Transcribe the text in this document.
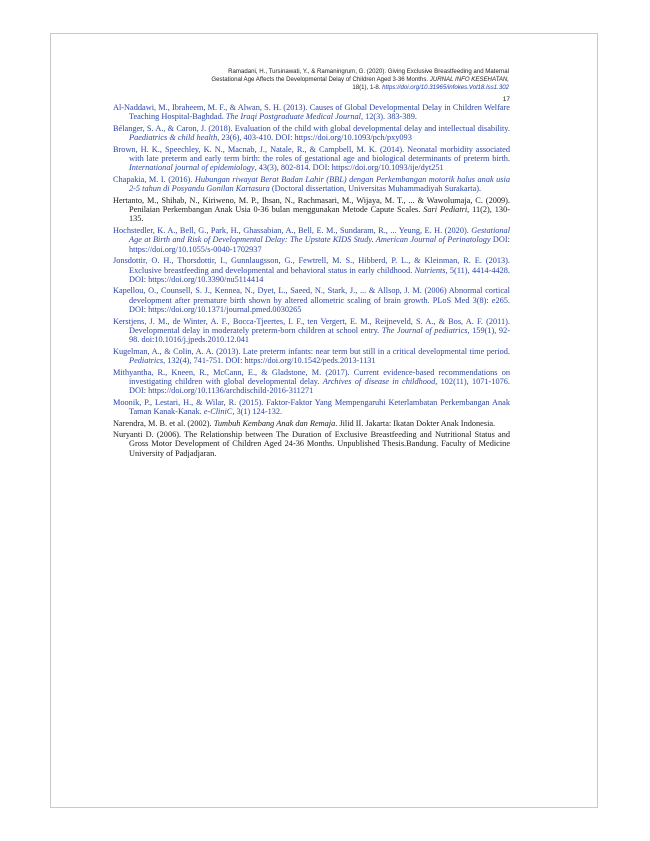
Ramadani, H., Tursinawati, Y., & Ramaningrum, G. (2020). Giving Exclusive Breastfeeding and Maternal
Gestational Age Affects the Developmental Delay of Children Aged 3-36 Months. JURNAL INFO KESEHATAN,
18(1), 1-8. https://doi.org/10.31965/infokes.Vol18.Iss1.302
17

Al-Naddawi, M., Ibraheem, M. F., & Alwan, S. H. (2013). Causes of Global Developmental Delay in Children Welfare Teaching Hospital-Baghdad. The Iraqi Postgraduate Medical Journal, 12(3). 383-389.

Bélanger, S. A., & Caron, J. (2018). Evaluation of the child with global developmental delay and intellectual disability. Paediatrics & child health, 23(6), 403-410. DOI: https://doi.org/10.1093/pch/pxy093

Brown, H. K., Speechley, K. N., Macnab, J., Natale, R., & Campbell, M. K. (2014). Neonatal morbidity associated with late preterm and early term birth: the roles of gestational age and biological determinants of preterm birth. International journal of epidemiology, 43(3), 802-814. DOI: https://doi.org/10.1093/ije/dyt251

Chapakia, M. I. (2016). Hubungan riwayat Berat Badan Lahir (BBL) dengan Perkembangan motorik halus anak usia 2-5 tahun di Posyandu Gonilan Kartasura (Doctoral dissertation, Universitas Muhammadiyah Surakarta).

Hertanto, M., Shihab, N., Kiriweno, M. P., Ihsan, N., Rachmasari, M., Wijaya, M. T., ... & Wawolumaja, C. (2009). Penilaian Perkembangan Anak Usia 0-36 bulan menggunakan Metode Capute Scales. Sari Pediatri, 11(2), 130-135.

Hochstedler, K. A., Bell, G., Park, H., Ghassabian, A., Bell, E. M., Sundaram, R., ... Yeung, E. H. (2020). Gestational Age at Birth and Risk of Developmental Delay: The Upstate KIDS Study. American Journal of Perinatology DOI: https://doi.org/10.1055/s-0040-1702937

Jonsdottir, O. H., Thorsdottir, I., Gunnlaugsson, G., Fewtrell, M. S., Hibberd, P. L., & Kleinman, R. E. (2013). Exclusive breastfeeding and developmental and behavioral status in early childhood. Nutrients, 5(11), 4414-4428. DOI: https://doi.org/10.3390/nu5114414

Kapellou, O., Counsell, S. J., Kennea, N., Dyet, L., Saeed, N., Stark, J., ... & Allsop, J. M. (2006) Abnormal cortical development after premature birth shown by altered allometric scaling of brain growth. PLoS Med 3(8): e265. DOI: https://doi.org/10.1371/journal.pmed.0030265

Kerstjens, J. M., de Winter, A. F., Bocca-Tjeertes, I. F., ten Vergert, E. M., Reijneveld, S. A., & Bos, A. F. (2011). Developmental delay in moderately preterm-born children at school entry. The Journal of pediatrics, 159(1), 92-98. doi:10.1016/j.jpeds.2010.12.041

Kugelman, A., & Colin, A. A. (2013). Late preterm infants: near term but still in a critical developmental time period. Pediatrics, 132(4), 741-751. DOI: https://doi.org/10.1542/peds.2013-1131

Mithyantha, R., Kneen, R., McCann, E., & Gladstone, M. (2017). Current evidence-based recommendations on investigating children with global developmental delay. Archives of disease in childhood, 102(11), 1071-1076. DOI: https://doi.org/10.1136/archdischild-2016-311271

Moonik, P., Lestari, H., & Wilar, R. (2015). Faktor-Faktor Yang Mempengaruhi Keterlambatan Perkembangan Anak Taman Kanak-Kanak. e-CliniC, 3(1) 124-132.

Narendra, M. B. et al. (2002). Tumbuh Kembang Anak dan Remaja. Jilid II. Jakarta: Ikatan Dokter Anak Indonesia.

Nuryanti D. (2006). The Relationship between The Duration of Exclusive Breastfeeding and Nutritional Status and Gross Motor Development of Children Aged 24-36 Months. Unpublished Thesis.Bandung. Faculty of Medicine University of Padjadjaran.
